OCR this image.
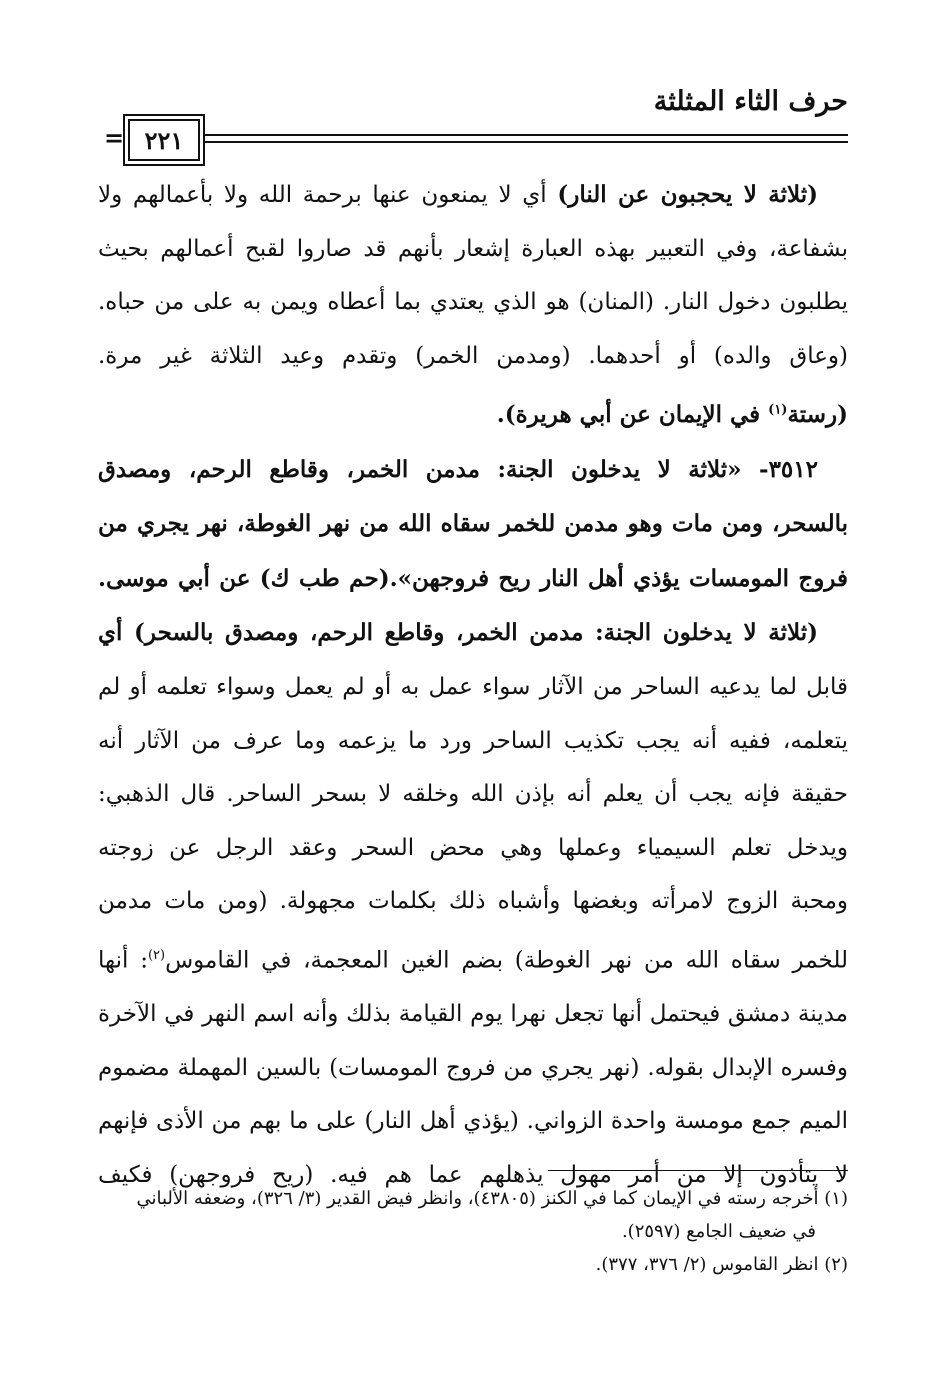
حرف الثاء المثلثة
= ٢٢١
(ثلاثة لا يحجبون عن النار) أي لا يمنعون عنها برحمة الله ولا بأعمالهم ولا
بشفاعة، وفي التعبير بهذه العبارة إشعار بأنهم قد صاروا لقبح أعمالهم بحيث
يطلبون دخول النار. (المنان) هو الذي يعتدي بما أعطاه ويمن به على من حباه.
(وعاق والده) أو أحدهما. (ومدمن الخمر) وتقدم وعيد الثلاثة غير مرة.
(رستة$^{(١)}$ في الإيمان عن أبي هريرة).
٣٥١٢- «ثلاثة لا يدخلون الجنة: مدمن الخمر، وقاطع الرحم، ومصدق
بالسحر، ومن مات وهو مدمن للخمر سقاه الله من نهر الغوطة، نهر يجري من
فروج المومسات يؤذي أهل النار ريح فروجهن».(حم طب ك) عن أبي موسى.
(ثلاثة لا يدخلون الجنة: مدمن الخمر، وقاطع الرحم، ومصدق بالسحر) أي
قابل لما يدعيه الساحر من الآثار سواء عمل به أو لم يعمل وسواء تعلمه أو لم
يتعلمه، ففيه أنه يجب تكذيب الساحر ورد ما يزعمه وما عرف من الآثار أنه
حقيقة فإنه يجب أن يعلم أنه بإذن الله وخلقه لا بسحر الساحر. قال الذهبي:
ويدخل تعلم السيمياء وعملها وهي محض السحر وعقد الرجل عن زوجته
ومحبة الزوج لامرأته وبغضها وأشباه ذلك بكلمات مجهولة. (ومن مات مدمن
للخمر سقاه الله من نهر الغوطة) بضم الغين المعجمة، في القاموس$^{(٢)}$: أنها
مدينة دمشق فيحتمل أنها تجعل نهرا يوم القيامة بذلك وأنه اسم النهر في الآخرة
وفسره الإبدال بقوله. (نهر يجري من فروج المومسات) بالسين المهملة مضموم
الميم جمع مومسة واحدة الزواني. (يؤذي أهل النار) على ما بهم من الأذى فإنهم
لا يتأذون إلا من أمر مهول يذهلهم عما هم فيه. (ريح فروجهن) فكيف
(١) أخرجه رسته في الإيمان كما في الكنز (٤٣٨٠٥)، وانظر فيض القدير (٣/ ٣٢٦)، وضعفه الألباني
في ضعيف الجامع (٢٥٩٧).
(٢) انظر القاموس (٢/ ٣٧٦، ٣٧٧).
